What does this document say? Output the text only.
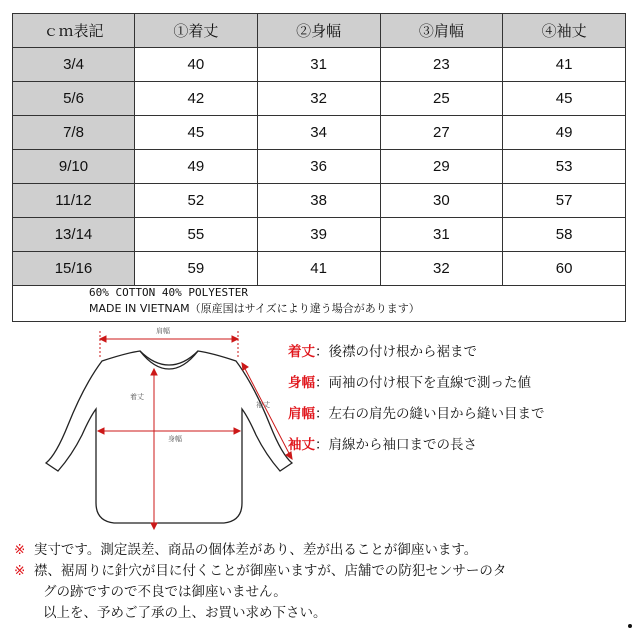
ｃｍ表記	①着丈	②身幅	③肩幅	④袖丈
3/4	40	31	23	41
5/6	42	32	25	45
7/8	45	34	27	49
9/10	49	36	29	53
11/12	52	38	30	57
13/14	55	39	31	58
15/16	59	41	32	60
60% COTTON 40% POLYESTER
MADE IN VIETNAM（原産国はサイズにより違う場合があります）
肩幅
着丈
身幅
袖丈
着丈：後襟の付け根から裾まで
身幅：両袖の付け根下を直線で測った値
肩幅：左右の肩先の縫い目から縫い目まで
袖丈：肩線から袖口までの長さ
※ 実寸です。測定誤差、商品の個体差があり、差が出ることが御座います。
※ 襟、裾周りに針穴が目に付くことが御座いますが、店舗での防犯センサーのタ
グの跡ですので不良では御座いません。
以上を、予めご了承の上、お買い求め下さい。
